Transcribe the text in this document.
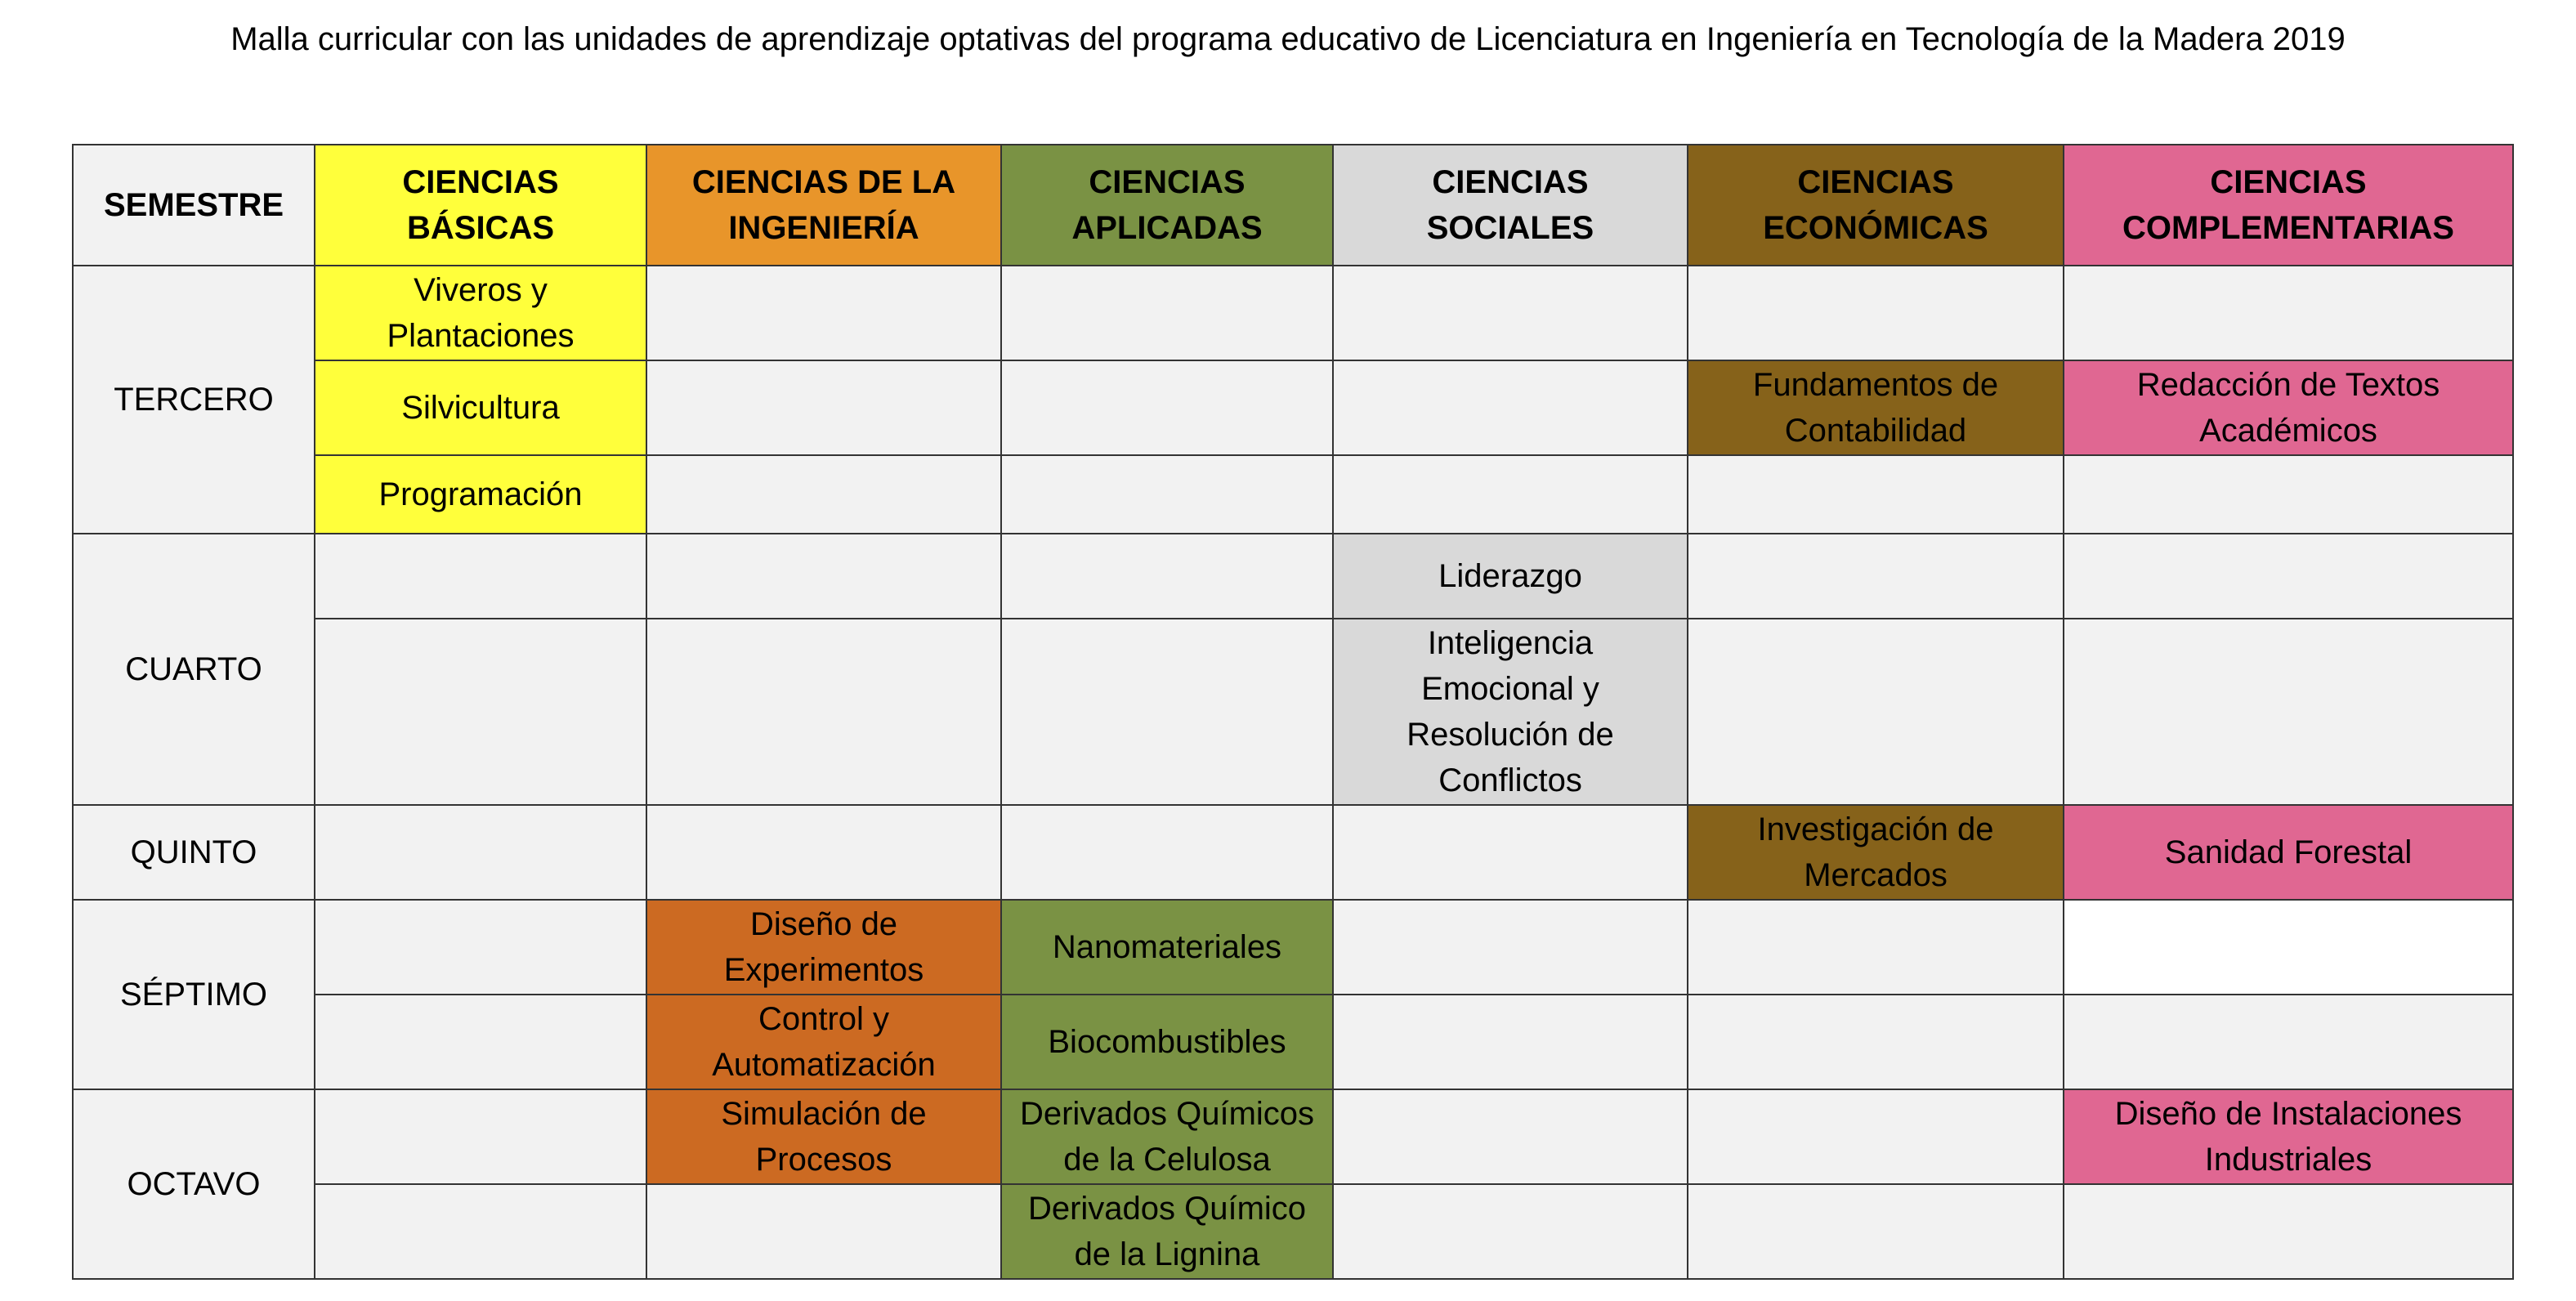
Malla curricular con las unidades de aprendizaje optativas del programa educativo de Licenciatura en Ingeniería en Tecnología de la Madera 2019
SEMESTRE	CIENCIAS BÁSICAS	CIENCIAS DE LA INGENIERÍA	CIENCIAS APLICADAS	CIENCIAS SOCIALES	CIENCIAS ECONÓMICAS	CIENCIAS COMPLEMENTARIAS
TERCERO	Viveros y Plantaciones					
	Silvicultura				Fundamentos de Contabilidad	Redacción de Textos Académicos
	Programación					
CUARTO				Liderazgo		
				Inteligencia Emocional y Resolución de Conflictos		
QUINTO					Investigación de Mercados	Sanidad Forestal
SÉPTIMO		Diseño de Experimentos	Nanomateriales			
		Control y Automatización	Biocombustibles			
OCTAVO		Simulación de Procesos	Derivados Químicos de la Celulosa			Diseño de Instalaciones Industriales
			Derivados Químico de la Lignina			
